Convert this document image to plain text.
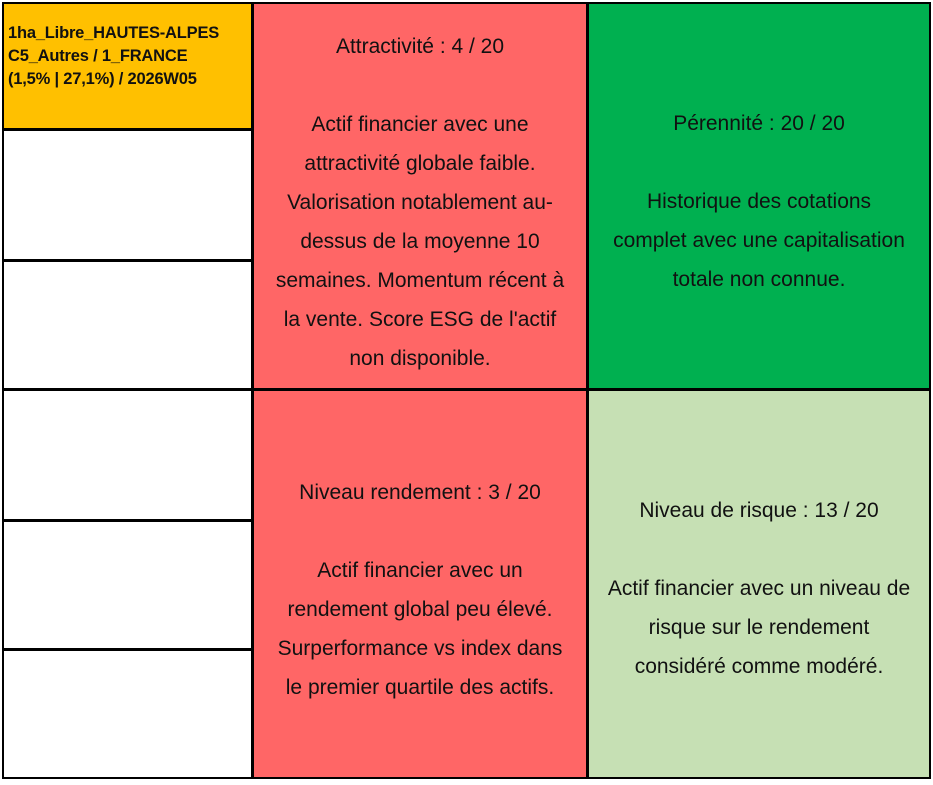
1ha_Libre_HAUTES-ALPES
C5_Autres / 1_FRANCE
(1,5% | 27,1%) / 2026W05
Attractivité : 4 / 20
Actif financier avec une
attractivité globale faible.
Valorisation notablement au-
dessus de la moyenne 10
semaines. Momentum récent à
la vente. Score ESG de l'actif
non disponible.
Pérennité : 20 / 20
Historique des cotations
complet avec une capitalisation
totale non connue.
Niveau rendement : 3 / 20
Actif financier avec un
rendement global peu élevé.
Surperformance vs index dans
le premier quartile des actifs.
Niveau de risque : 13 / 20
Actif financier avec un niveau de
risque sur le rendement
considéré comme modéré.
